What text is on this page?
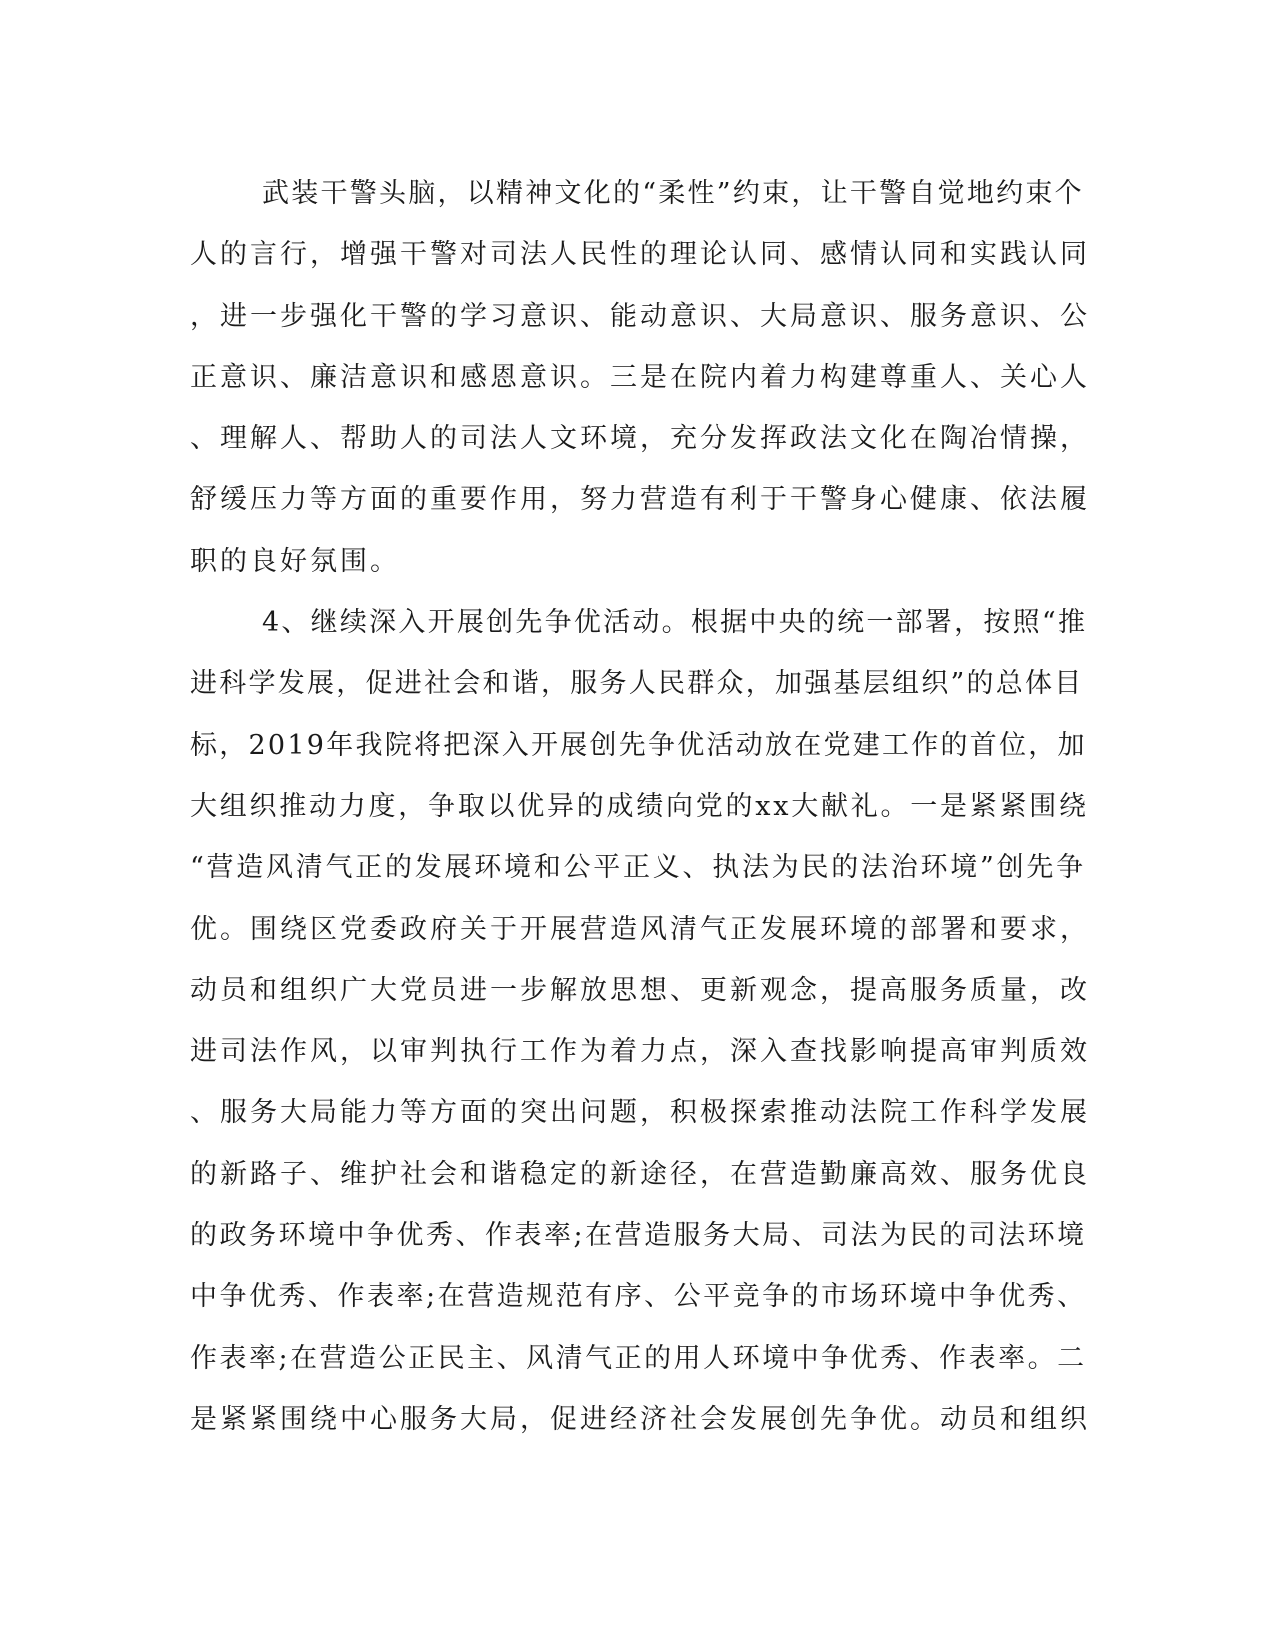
武装干警头脑，以精神文化的“柔性”约束，让干警自觉地约束个
人的言行，增强干警对司法人民性的理论认同、感情认同和实践认同
，进一步强化干警的学习意识、能动意识、大局意识、服务意识、公
正意识、廉洁意识和感恩意识。三是在院内着力构建尊重人、关心人
、理解人、帮助人的司法人文环境，充分发挥政法文化在陶冶情操，
舒缓压力等方面的重要作用，努力营造有利于干警身心健康、依法履
职的良好氛围。
4、继续深入开展创先争优活动。根据中央的统一部署，按照“推
进科学发展，促进社会和谐，服务人民群众，加强基层组织”的总体目
标，2019年我院将把深入开展创先争优活动放在党建工作的首位，加
大组织推动力度，争取以优异的成绩向党的xx大献礼。一是紧紧围绕
“营造风清气正的发展环境和公平正义、执法为民的法治环境”创先争
优。围绕区党委政府关于开展营造风清气正发展环境的部署和要求，
动员和组织广大党员进一步解放思想、更新观念，提高服务质量，改
进司法作风，以审判执行工作为着力点，深入查找影响提高审判质效
、服务大局能力等方面的突出问题，积极探索推动法院工作科学发展
的新路子、维护社会和谐稳定的新途径，在营造勤廉高效、服务优良
的政务环境中争优秀、作表率;在营造服务大局、司法为民的司法环境
中争优秀、作表率;在营造规范有序、公平竞争的市场环境中争优秀、
作表率;在营造公正民主、风清气正的用人环境中争优秀、作表率。二
是紧紧围绕中心服务大局，促进经济社会发展创先争优。动员和组织
